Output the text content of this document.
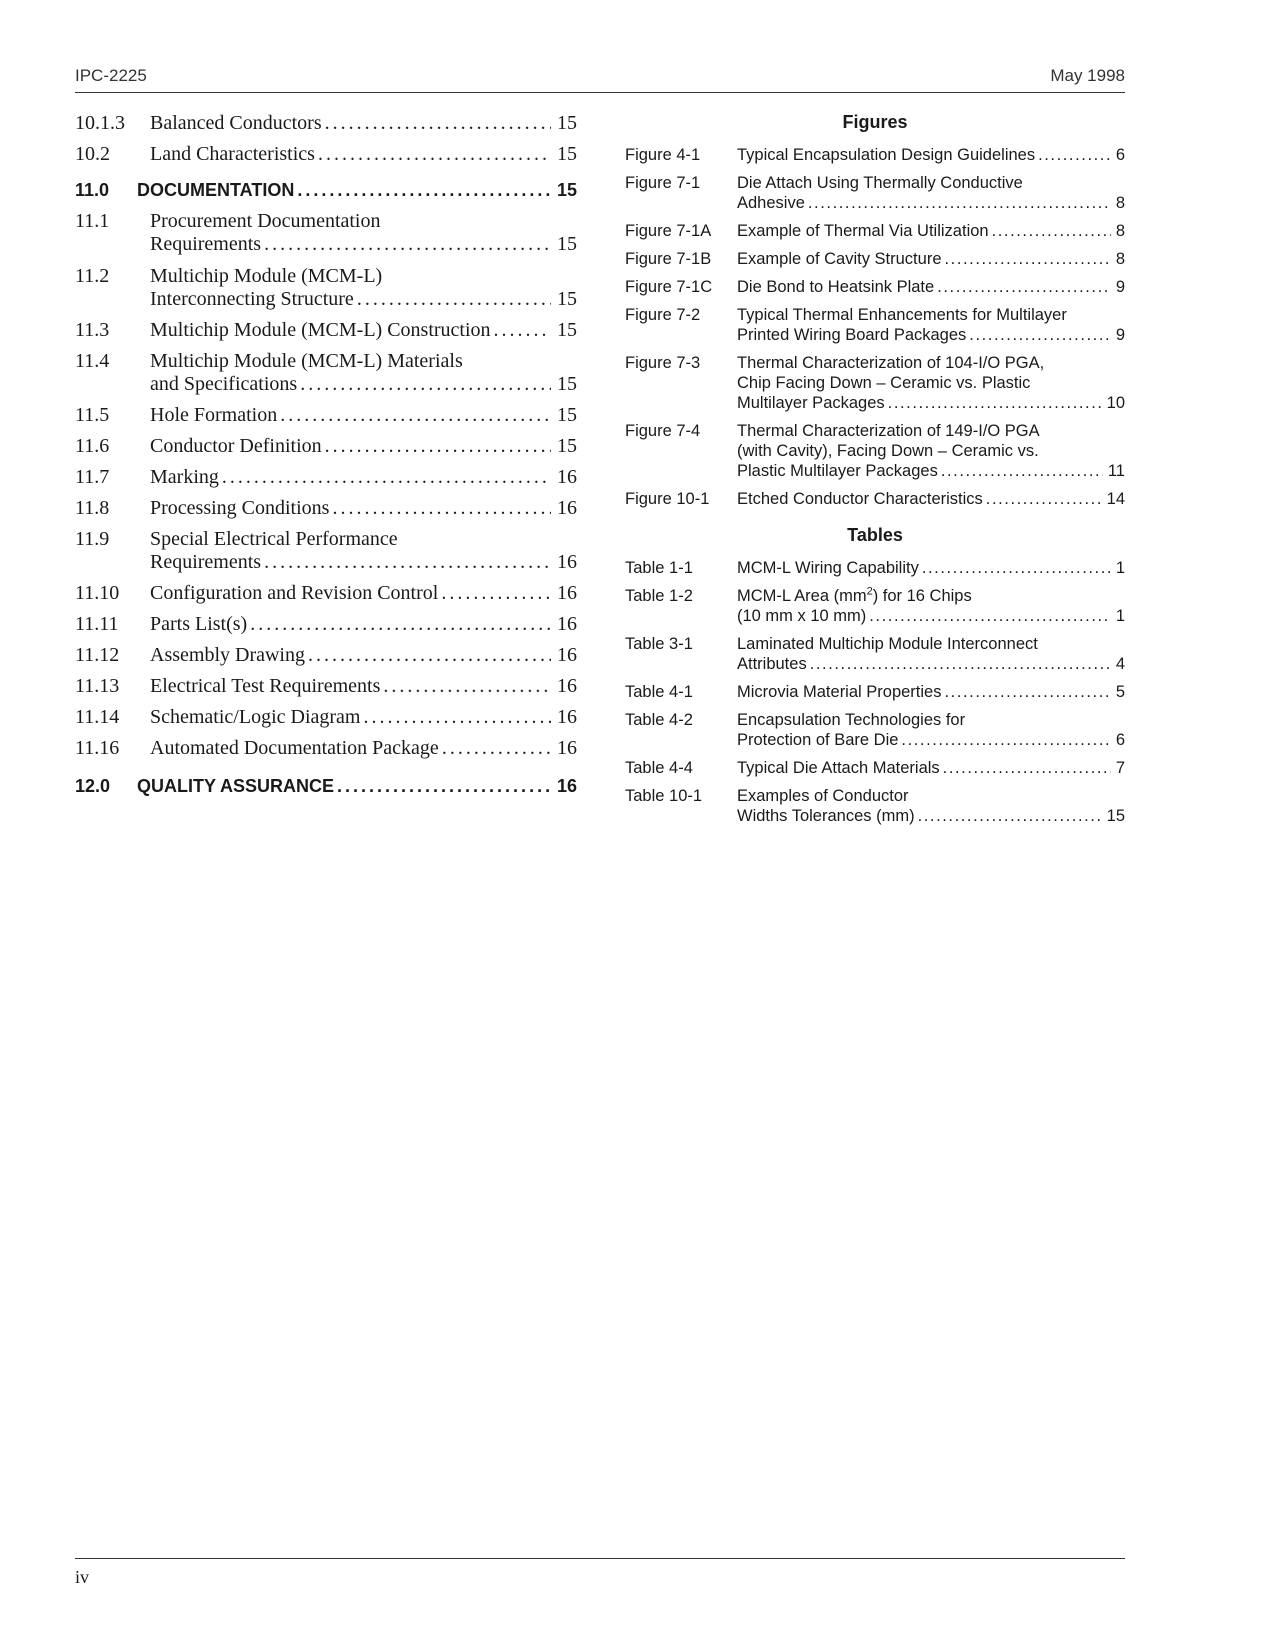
IPC-2225	May 1998
10.1.3	Balanced Conductors . . .	15
10.2	Land Characteristics . . .	15
11.0	DOCUMENTATION . . .	15
11.1	Procurement Documentation
Requirements . . .	15
11.2	Multichip Module (MCM-L)
Interconnecting Structure . . .	15
11.3	Multichip Module (MCM-L) Construction . . .	15
11.4	Multichip Module (MCM-L) Materials
and Specifications . . .	15
11.5	Hole Formation . . .	15
11.6	Conductor Definition . . .	15
11.7	Marking . . .	16
11.8	Processing Conditions . . .	16
11.9	Special Electrical Performance
Requirements . . .	16
11.10	Configuration and Revision Control . . .	16
11.11	Parts List(s) . . .	16
11.12	Assembly Drawing . . .	16
11.13	Electrical Test Requirements . . .	16
11.14	Schematic/Logic Diagram . . .	16
11.16	Automated Documentation Package . . .	16
12.0	QUALITY ASSURANCE . . .	16
Figures
Figure 4-1	Typical Encapsulation Design Guidelines . . .	6
Figure 7-1	Die Attach Using Thermally Conductive
Adhesive . . .	8
Figure 7-1A	Example of Thermal Via Utilization . . .	8
Figure 7-1B	Example of Cavity Structure . . .	8
Figure 7-1C	Die Bond to Heatsink Plate . . .	9
Figure 7-2	Typical Thermal Enhancements for Multilayer
Printed Wiring Board Packages . . .	9
Figure 7-3	Thermal Characterization of 104-I/O PGA,
Chip Facing Down – Ceramic vs. Plastic
Multilayer Packages . . .	10
Figure 7-4	Thermal Characterization of 149-I/O PGA
(with Cavity), Facing Down – Ceramic vs.
Plastic Multilayer Packages . . .	11
Figure 10-1	Etched Conductor Characteristics . . .	14
Tables
Table 1-1	MCM-L Wiring Capability . . .	1
Table 1-2	MCM-L Area $(mm^2)$ for 16 Chips
(10 mm x 10 mm) . . .	1
Table 3-1	Laminated Multichip Module Interconnect
Attributes . . .	4
Table 4-1	Microvia Material Properties . . .	5
Table 4-2	Encapsulation Technologies for
Protection of Bare Die . . .	6
Table 4-4	Typical Die Attach Materials . . .	7
Table 10-1	Examples of Conductor
Widths Tolerances (mm) . . .	15
iv
